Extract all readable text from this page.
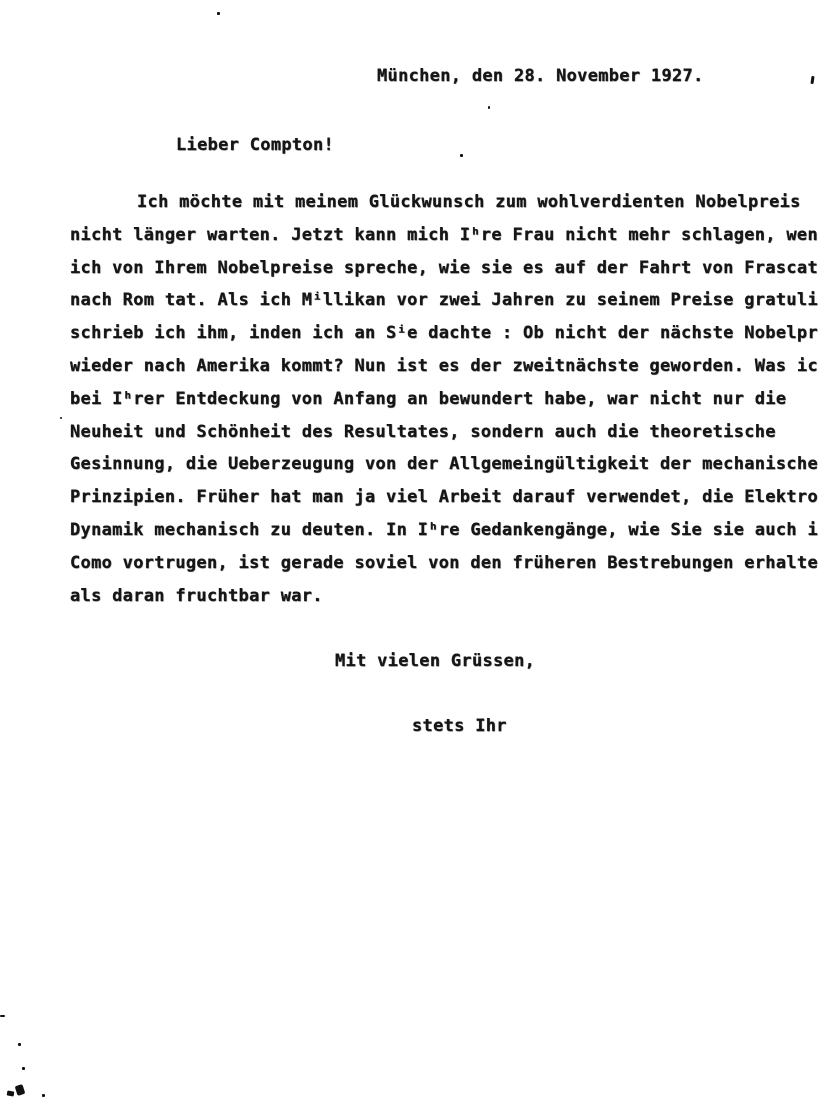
München, den 28. November 1927.
Lieber Compton!
Ich möchte mit meinem Glückwunsch zum wohlverdienten Nobelpreis
nicht länger warten. Jetzt kann mich Iʰre Frau nicht mehr schlagen, wen
ich von Ihrem Nobelpreise spreche, wie sie es auf der Fahrt von Frascat
nach Rom tat. Als ich Mⁱllikan vor zwei Jahren zu seinem Preise gratuli
schrieb ich ihm, inden ich an Sⁱe dachte : Ob nicht der nächste Nobelpr
wieder nach Amerika kommt? Nun ist es der zweitnächste geworden. Was ic
bei Iʰrer Entdeckung von Anfang an bewundert habe, war nicht nur die
Neuheit und Schönheit des Resultates, sondern auch die theoretische
Gesinnung, die Ueberzeugung von der Allgemeingültigkeit der mechanische
Prinzipien. Früher hat man ja viel Arbeit darauf verwendet, die Elektro
Dynamik mechanisch zu deuten. In Iʰre Gedankengänge, wie Sie sie auch i
Como vortrugen, ist gerade soviel von den früheren Bestrebungen erhalte
als daran fruchtbar war.
Mit vielen Grüssen,
stets Ihr
